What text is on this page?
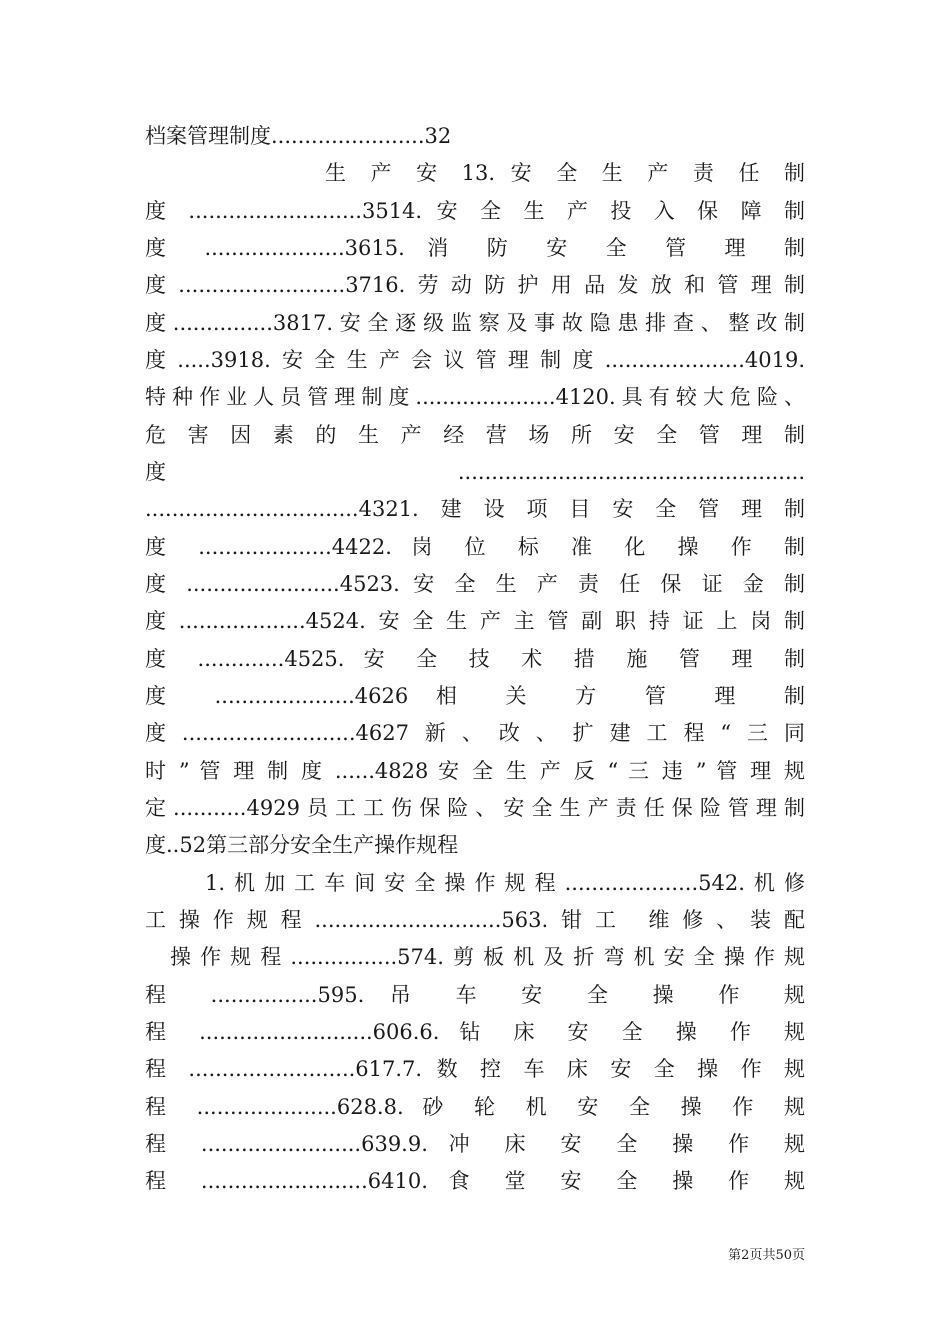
档案管理制度.......................32
生 产 安 13. 安 全 生 产 责 任 制
度 ..........................3514. 安 全 生 产 投 入 保 障 制
度 .....................3615. 消 防 安 全 管 理 制
度.........................3716.劳动防护用品发放和管理制
度...............3817.安全逐级监察及事故隐患排查、整改制
度.....3918.安全生产会议管理制度.....................4019.
特种作业人员管理制度.....................4120.具有较大危险、
危 害 因 素 的 生 产 经 营 场 所 安 全 管 理 制
度....................................................
................................4321.建设项目安全管理制
度 ....................4422. 岗 位 标 准 化 操 作 制
度 .......................4523. 安 全 生 产 责 任 保 证 金 制
度...................4524.安全生产主管副职持证上岗制
度 .............4525. 安 全 技 术 措 施 管 理 制
度 .....................4626 相 关 方 管 理 制
度..........................4627新、改、扩建工程“三同
时 ” 管 理 制 度 ......4828 安 全 生 产 反 “ 三 违 ” 管 理 规
定...........4929员工工伤保险、安全生产责任保险管理制
度..52第三部分安全生产操作规程
1.机加工车间安全操作规程....................542.机修
工操作规程............................563.钳工 维修、装配
操作规程................574.剪板机及折弯机安全操作规
程 ................595. 吊 车 安 全 操 作 规
程 ..........................606.6. 钻 床 安 全 操 作 规
程 .........................617.7. 数 控 车 床 安 全 操 作 规
程 .....................628.8. 砂 轮 机 安 全 操 作 规
程 ........................639.9. 冲 床 安 全 操 作 规
程 .........................6410. 食 堂 安 全 操 作 规
第2页共50页
